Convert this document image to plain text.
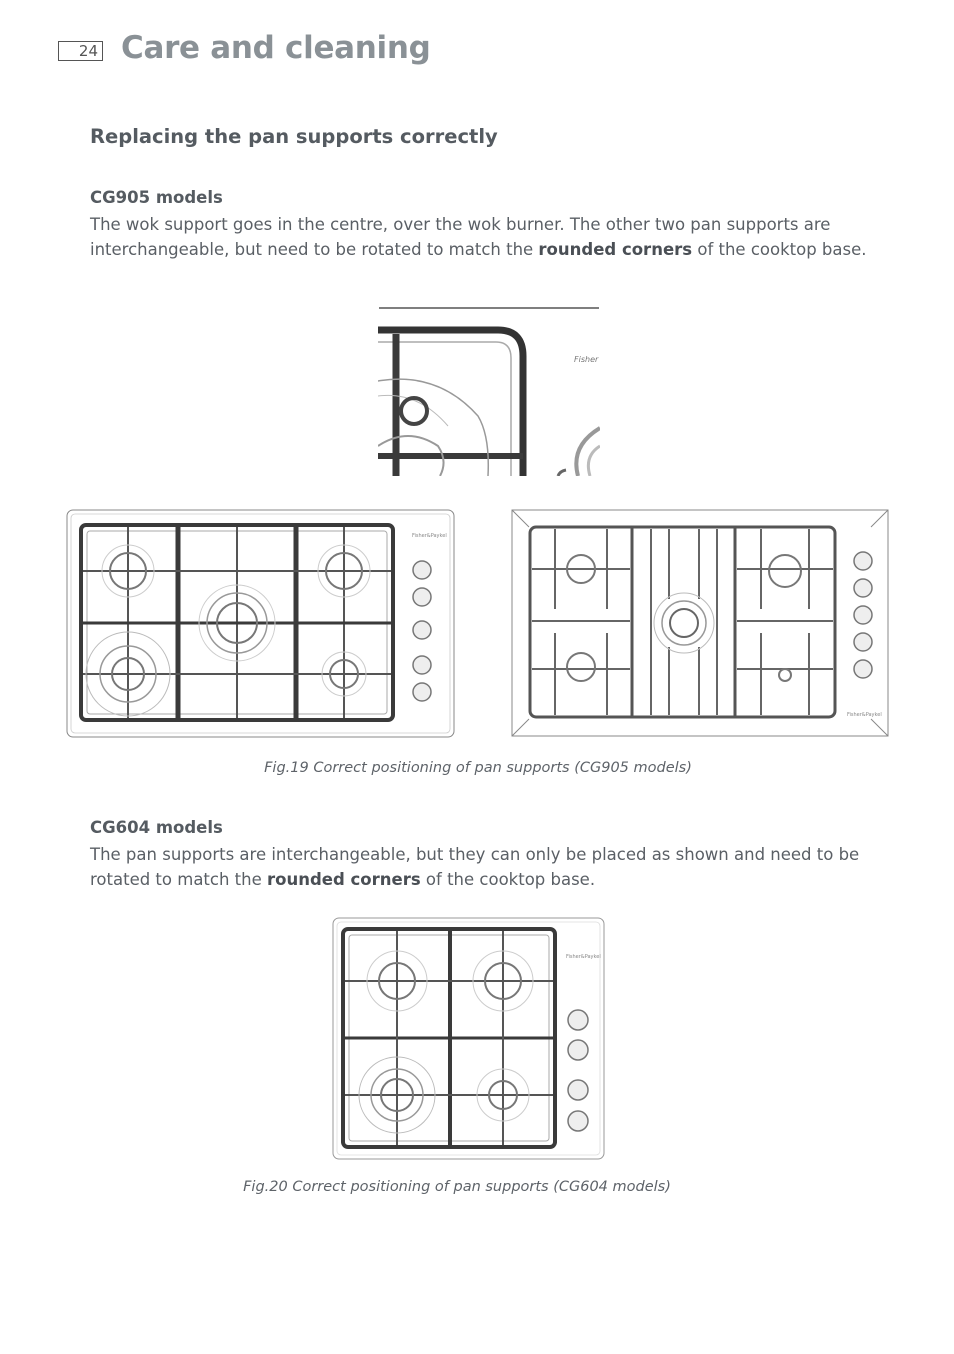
24 Care and cleaning
Replacing the pan supports correctly
CG905 models

The wok support goes in the centre, over the wok burner. The other two pan supports are interchangeable, but need to be rotated to match the rounded corners of the cooktop base.

Fisher
Fisher&Paykel
Fisher&Paykel

Fig.19 Correct positioning of pan supports (CG905 models)

CG604 models

The pan supports are interchangeable, but they can only be placed as shown and need to be rotated to match the rounded corners of the cooktop base.

Fisher&Paykel

Fig.20 Correct positioning of pan supports (CG604 models)
